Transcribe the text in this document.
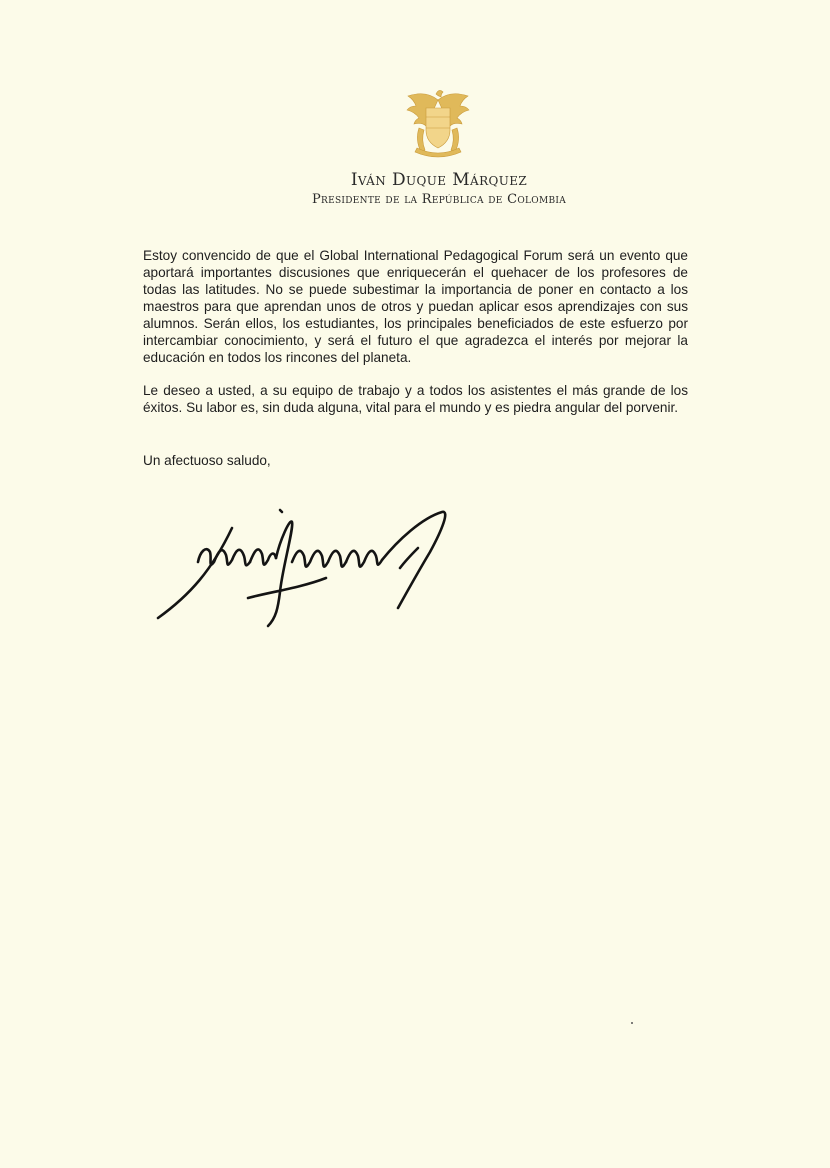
Iván Duque Márquez
Presidente de la República de Colombia

Estoy convencido de que el Global International Pedagogical Forum será un evento que aportará importantes discusiones que enriquecerán el quehacer de los profesores de todas las latitudes. No se puede subestimar la importancia de poner en contacto a los maestros para que aprendan unos de otros y puedan aplicar esos aprendizajes con sus alumnos. Serán ellos, los estudiantes, los principales beneficiados de este esfuerzo por intercambiar conocimiento, y será el futuro el que agradezca el interés por mejorar la educación en todos los rincones del planeta.

Le deseo a usted, a su equipo de trabajo y a todos los asistentes el más grande de los éxitos. Su labor es, sin duda alguna, vital para el mundo y es piedra angular del porvenir.

Un afectuoso saludo,
